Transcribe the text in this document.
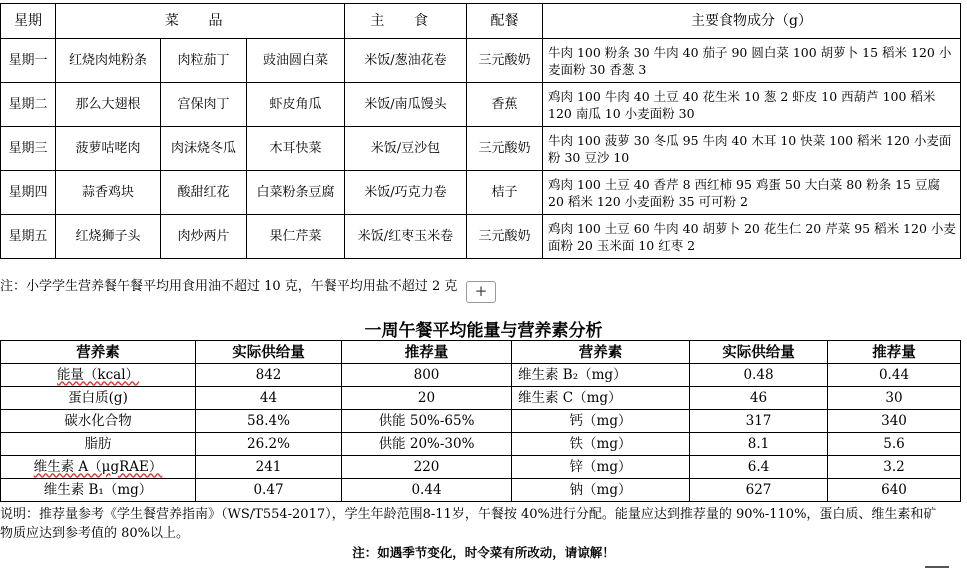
星期	菜 品			主 食	配餐	主要食物成分（g）
星期一	红烧肉炖粉条	肉粒茄丁	豉油圆白菜	米饭/葱油花卷	三元酸奶	牛肉 100 粉条 30 牛肉 40 茄子 90 圆白菜 100 胡萝卜 15 稻米 120 小麦面粉 30 香葱 3
星期二	那么大翅根	宫保肉丁	虾皮角瓜	米饭/南瓜馒头	香蕉	鸡肉 100 牛肉 40 土豆 40 花生米 10 葱 2 虾皮 10 西葫芦 100 稻米 120 南瓜 10 小麦面粉 30
星期三	菠萝咕咾肉	肉沫烧冬瓜	木耳快菜	米饭/豆沙包	三元酸奶	牛肉 100 菠萝 30 冬瓜 95 牛肉 40 木耳 10 快菜 100 稻米 120 小麦面粉 30 豆沙 10
星期四	蒜香鸡块	酸甜红花	白菜粉条豆腐	米饭/巧克力卷	桔子	鸡肉 100 土豆 40 香芹 8 西红柿 95 鸡蛋 50 大白菜 80 粉条 15 豆腐 20 稻米 120 小麦面粉 35 可可粉 2
星期五	红烧狮子头	肉炒两片	果仁芹菜	米饭/红枣玉米卷	三元酸奶	鸡肉 100 土豆 60 牛肉 40 胡萝卜 20 花生仁 20 芹菜 95 稻米 120 小麦面粉 20 玉米面 10 红枣 2
注：小学学生营养餐午餐平均用食用油不超过 10 克，午餐平均用盐不超过 2 克	+
一周午餐平均能量与营养素分析
营养素	实际供给量	推荐量	营养素	实际供给量	推荐量
能量（kcal）	842	800	维生素 B₂（mg）	0.48	0.44
蛋白质(g)	44	20	维生素 C（mg）	46	30
碳水化合物	58.4%	供能 50%-65%	钙（mg）	317	340
脂肪	26.2%	供能 20%-30%	铁（mg）	8.1	5.6
维生素 A（μgRAE）	241	220	锌（mg）	6.4	3.2
维生素 B₁（mg）	0.47	0.44	钠（mg）	627	640
说明：推荐量参考《学生餐营养指南》（WS/T554-2017），学生年龄范围8-11岁，午餐按 40%进行分配。能量应达到推荐量的 90%-110%，蛋白质、维生素和矿物质应达到参考值的 80%以上。
注：如遇季节变化，时令菜有所改动，请谅解！
